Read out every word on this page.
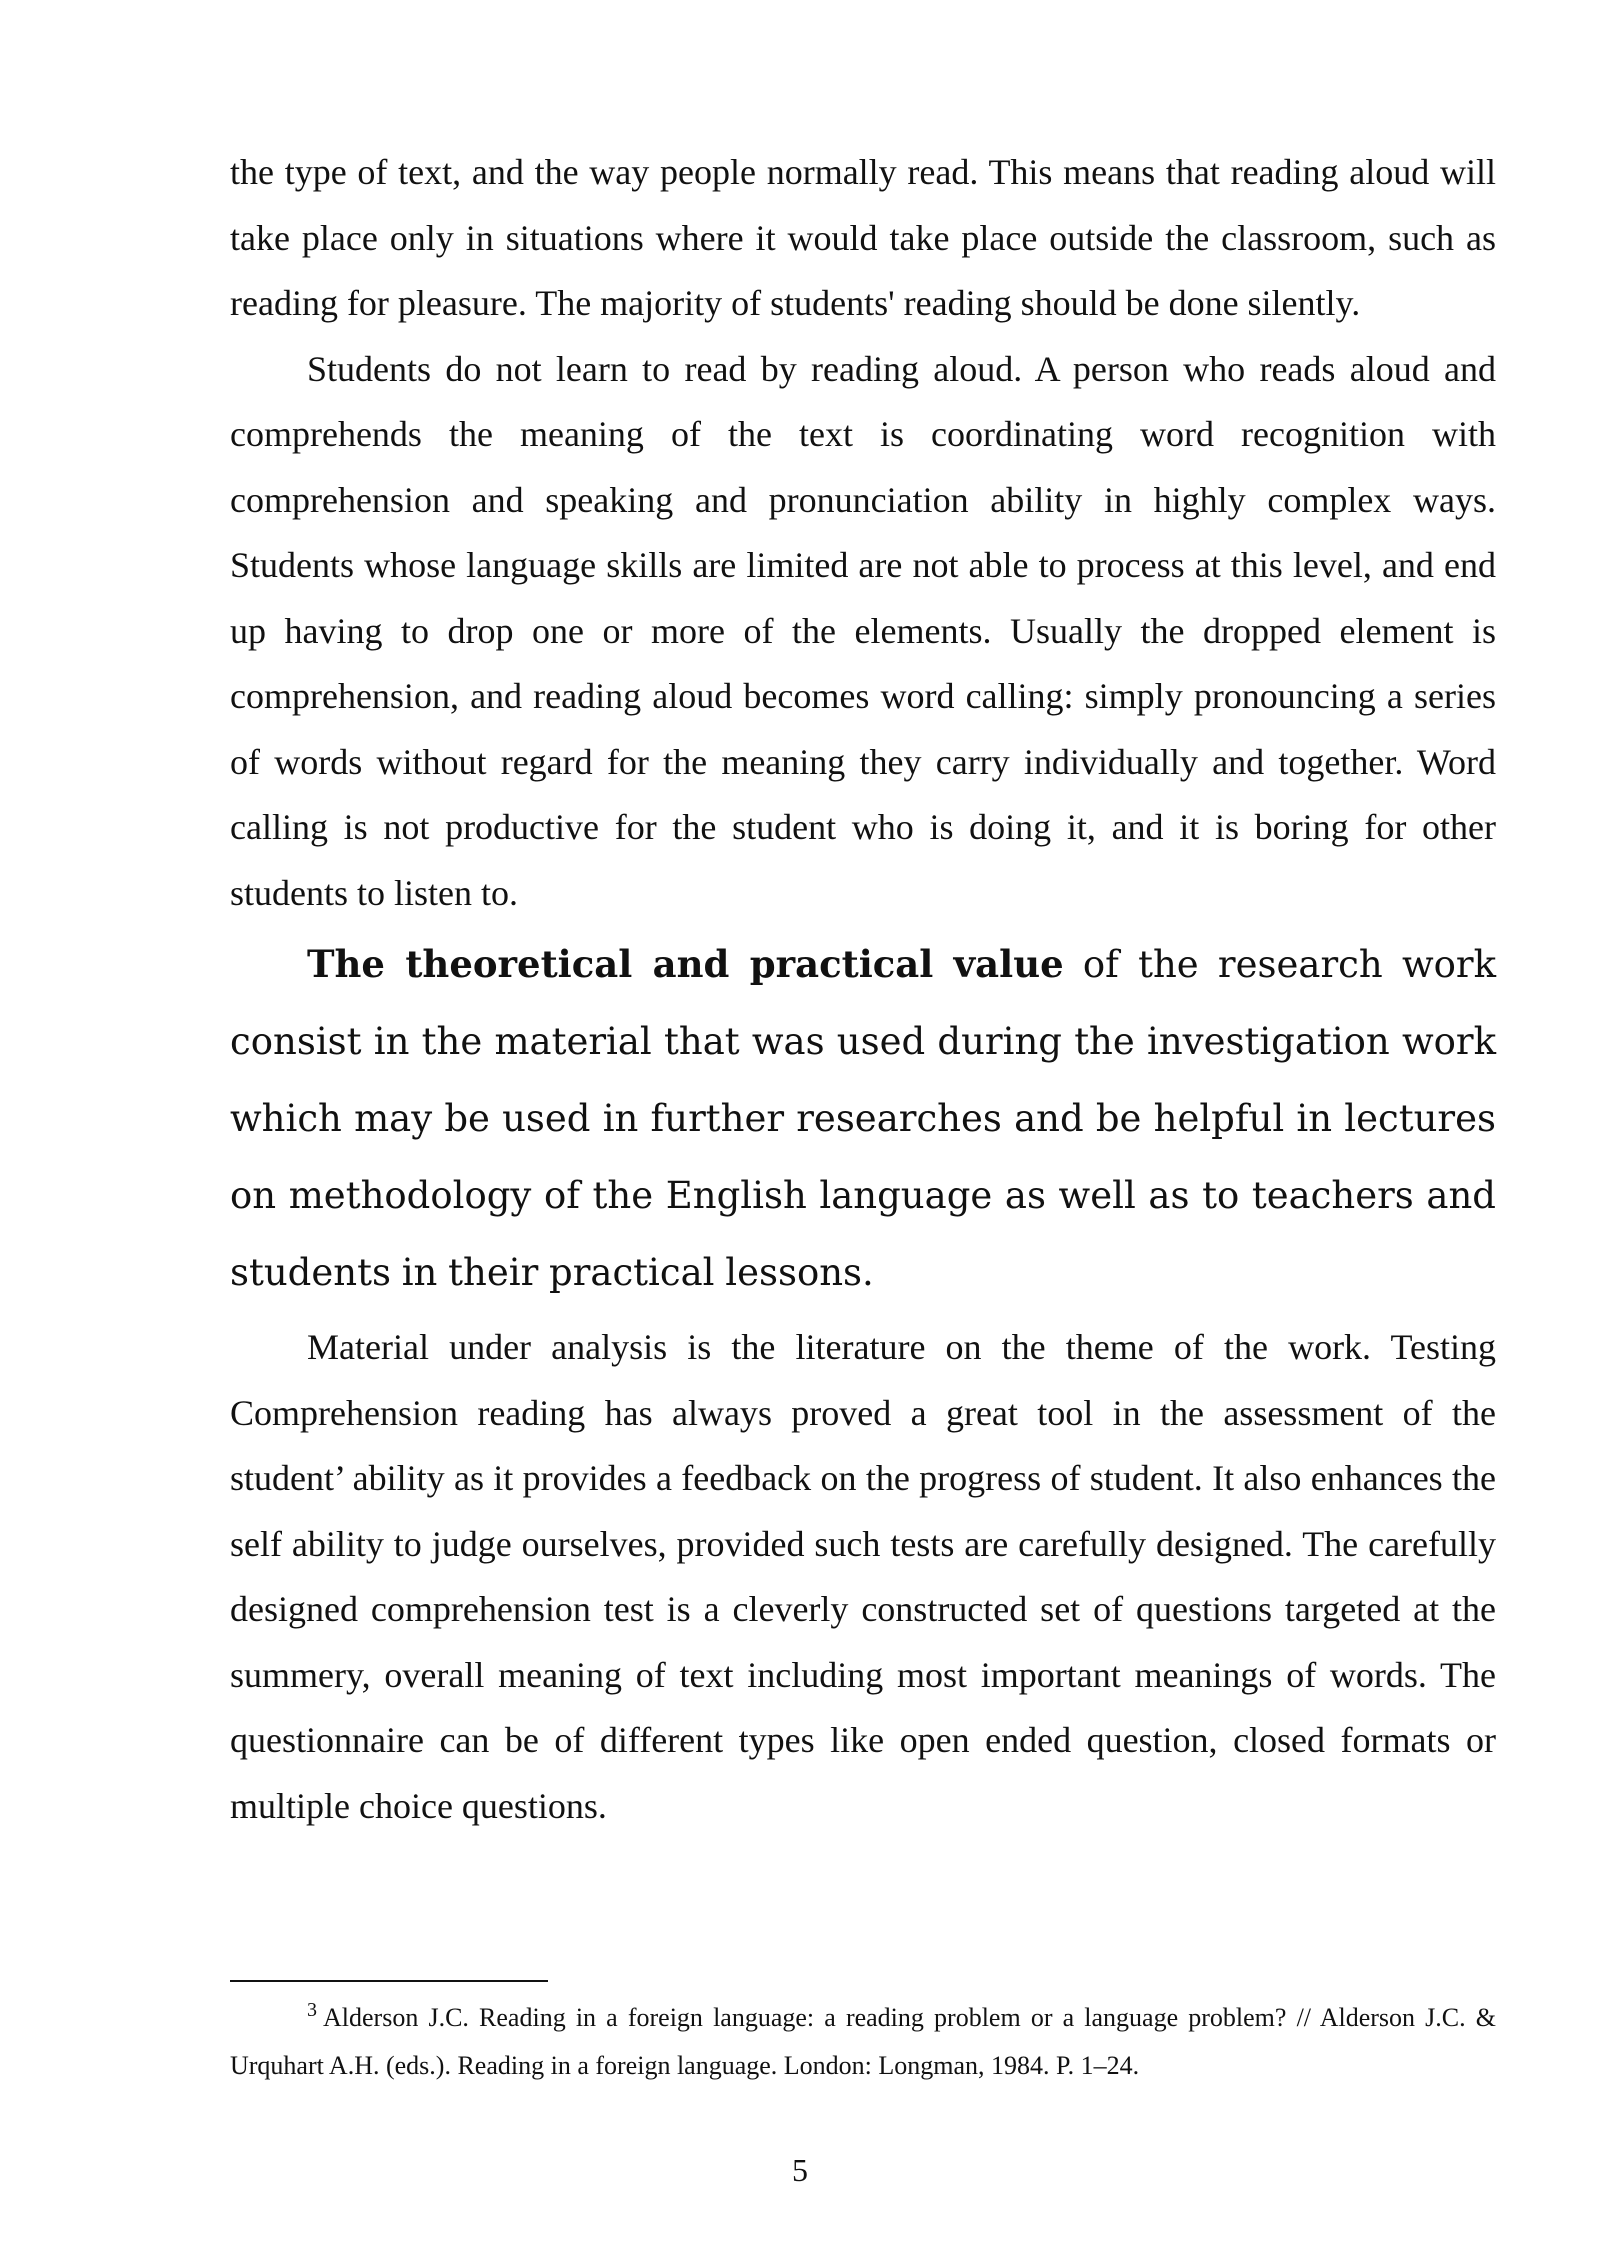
the type of text, and the way people normally read. This means that reading aloud will take place only in situations where it would take place outside the classroom, such as reading for pleasure. The majority of students' reading should be done silently.

Students do not learn to read by reading aloud. A person who reads aloud and comprehends the meaning of the text is coordinating word recognition with comprehension and speaking and pronunciation ability in highly complex ways. Students whose language skills are limited are not able to process at this level, and end up having to drop one or more of the elements. Usually the dropped element is comprehension, and reading aloud becomes word calling: simply pronouncing a series of words without regard for the meaning they carry individually and together. Word calling is not productive for the student who is doing it, and it is boring for other students to listen to.

The theoretical and practical value of the research work consist in the material that was used during the investigation work which may be used in further researches and be helpful in lectures on methodology of the English language as well as to teachers and students in their practical lessons.

Material under analysis is the literature on the theme of the work. Testing Comprehension reading has always proved a great tool in the assessment of the student’ ability as it provides a feedback on the progress of student. It also enhances the self ability to judge ourselves, provided such tests are carefully designed. The carefully designed comprehension test is a cleverly constructed set of questions targeted at the summery, overall meaning of text including most important meanings of words. The questionnaire can be of different types like open ended question, closed formats or multiple choice questions.

$^3$ Alderson J.C. Reading in a foreign language: a reading problem or a language problem? // Alderson J.C. & Urquhart A.H. (eds.). Reading in a foreign language. London: Longman, 1984. P. 1–24.

5
